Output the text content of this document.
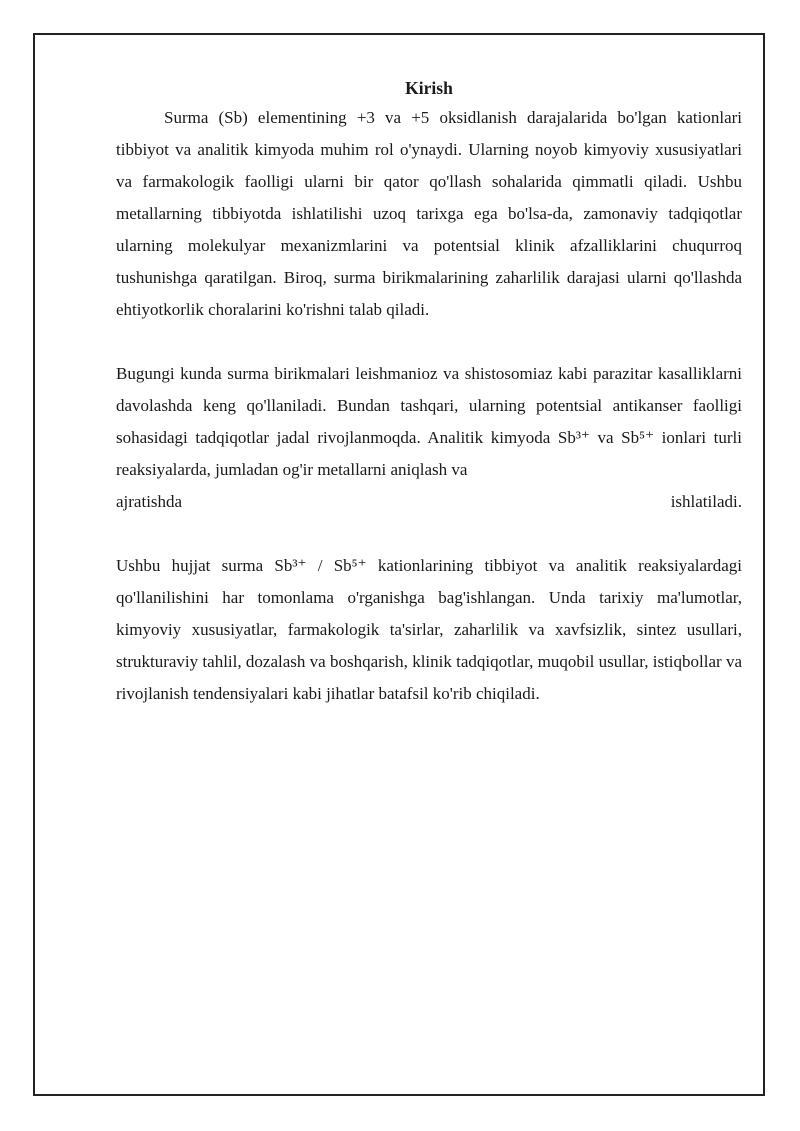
Kirish

Surma (Sb) elementining +3 va +5 oksidlanish darajalarida bo'lgan kationlari tibbiyot va analitik kimyoda muhim rol o'ynaydi. Ularning noyob kimyoviy xususiyatlari va farmakologik faolligi ularni bir qator qo'llash sohalarida qimmatli qiladi. Ushbu metallarning tibbiyotda ishlatilishi uzoq tarixga ega bo'lsa-da, zamonaviy tadqiqotlar ularning molekulyar mexanizmlarini va potentsial klinik afzalliklarini chuqurroq tushunishga qaratilgan. Biroq, surma birikmalarining zaharlilik darajasi ularni qo'llashda ehtiyotkorlik choralarini ko'rishni talab qiladi.

Bugungi kunda surma birikmalari leishmanioz va shistosomiaz kabi parazitar kasalliklarni davolashda keng qo'llaniladi. Bundan tashqari, ularning potentsial antikanser faolligi sohasidagi tadqiqotlar jadal rivojlanmoqda. Analitik kimyoda Sb³⁺ va Sb⁵⁺ ionlari turli reaksiyalarda, jumladan og'ir metallarni aniqlash va

ajratishda	ishlatiladi.

Ushbu hujjat surma Sb³⁺ / Sb⁵⁺ kationlarining tibbiyot va analitik reaksiyalardagi qo'llanilishini har tomonlama o'rganishga bag'ishlangan. Unda tarixiy ma'lumotlar, kimyoviy xususiyatlar, farmakologik ta'sirlar, zaharlilik va xavfsizlik, sintez usullari, strukturaviy tahlil, dozalash va boshqarish, klinik tadqiqotlar, muqobil usullar, istiqbollar va rivojlanish tendensiyalari kabi jihatlar batafsil ko'rib chiqiladi.
